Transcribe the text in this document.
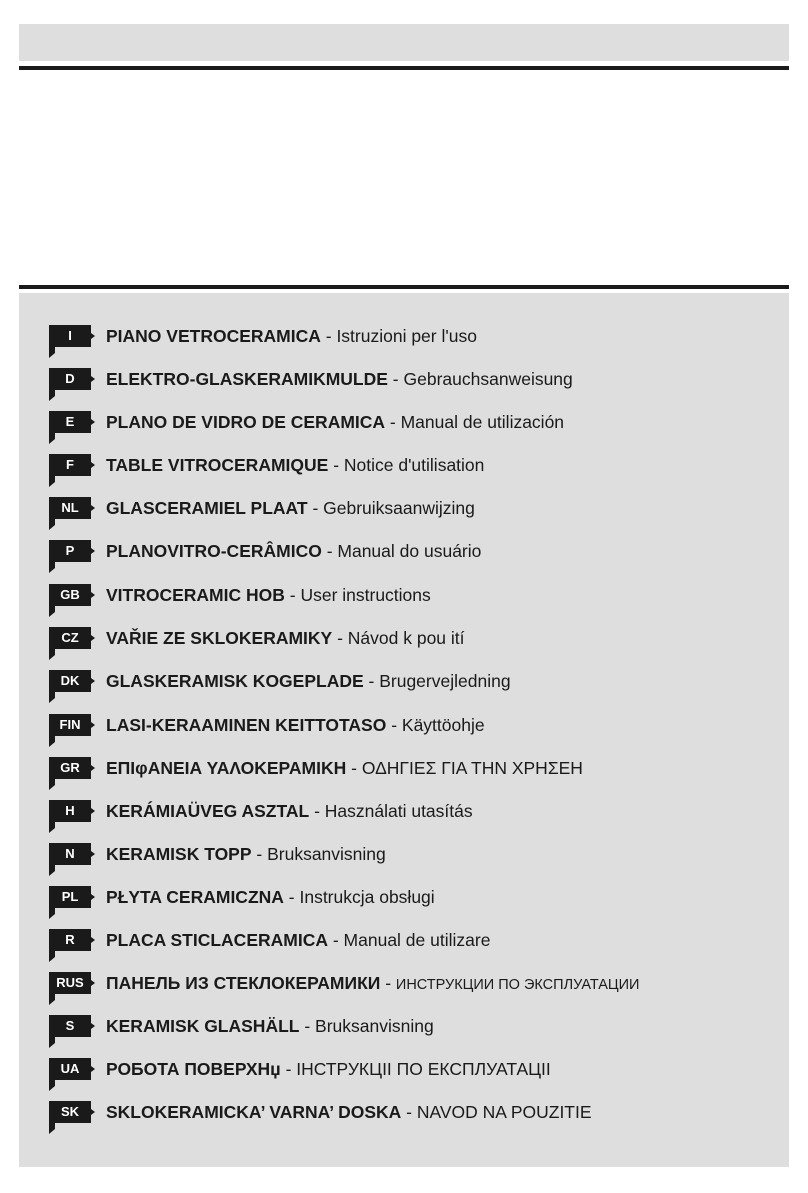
I	PIANO VETROCERAMICA - Istruzioni per l'uso
D	ELEKTRO-GLASKERAMIKMULDE - Gebrauchsanweisung
E	PLANO DE VIDRO DE CERAMICA - Manual de utilización
F	TABLE VITROCERAMIQUE - Notice d'utilisation
NL	GLASCERAMIEL PLAAT - Gebruiksaanwijzing
P	PLANOVITRO-CERÂMICO - Manual do usuário
GB	VITROCERAMIC HOB - User instructions
CZ	VAŘIE ZE SKLOKERAMIKY - Návod k pou ití
DK	GLASKERAMISK KOGEPLADE - Brugervejledning
FIN	LASI-KERAAMINEN KEITTOTASO - Käyttöohje
GR	ΕΠΙφΑΝΕΙΑ ΥΑΛΟΚΕΡΑΜΙΚΗ - ΟΔΗΓΙΕΣ ΓΙΑ ΤΗΝ ΧΡΗΣΕΗ
H	KERÁMIAÜVEG ASZTAL - Használati utasítás
N	KERAMISK TOPP - Bruksanvisning
PL	PŁYTA CERAMICZNA - Instrukcja obsługi
R	PLACA STICLACERAMICA - Manual de utilizare
RUS	ПАНЕЛЬ ИЗ СТЕКЛОКЕРАМИКИ - ИНСТРУКЦИИ ПО ЭКСПЛУАТАЦИИ
S	KERAMISK GLASHÄLL - Bruksanvisning
UA	РОБОТА ПОВЕРХНџ - ІНСТРУКЦІІ ПО ЕКСПЛУАТАЦІІ
SK	SKLOKERAMICKA’ VARNA’ DOSKA - NAVOD NA POUZITIE
